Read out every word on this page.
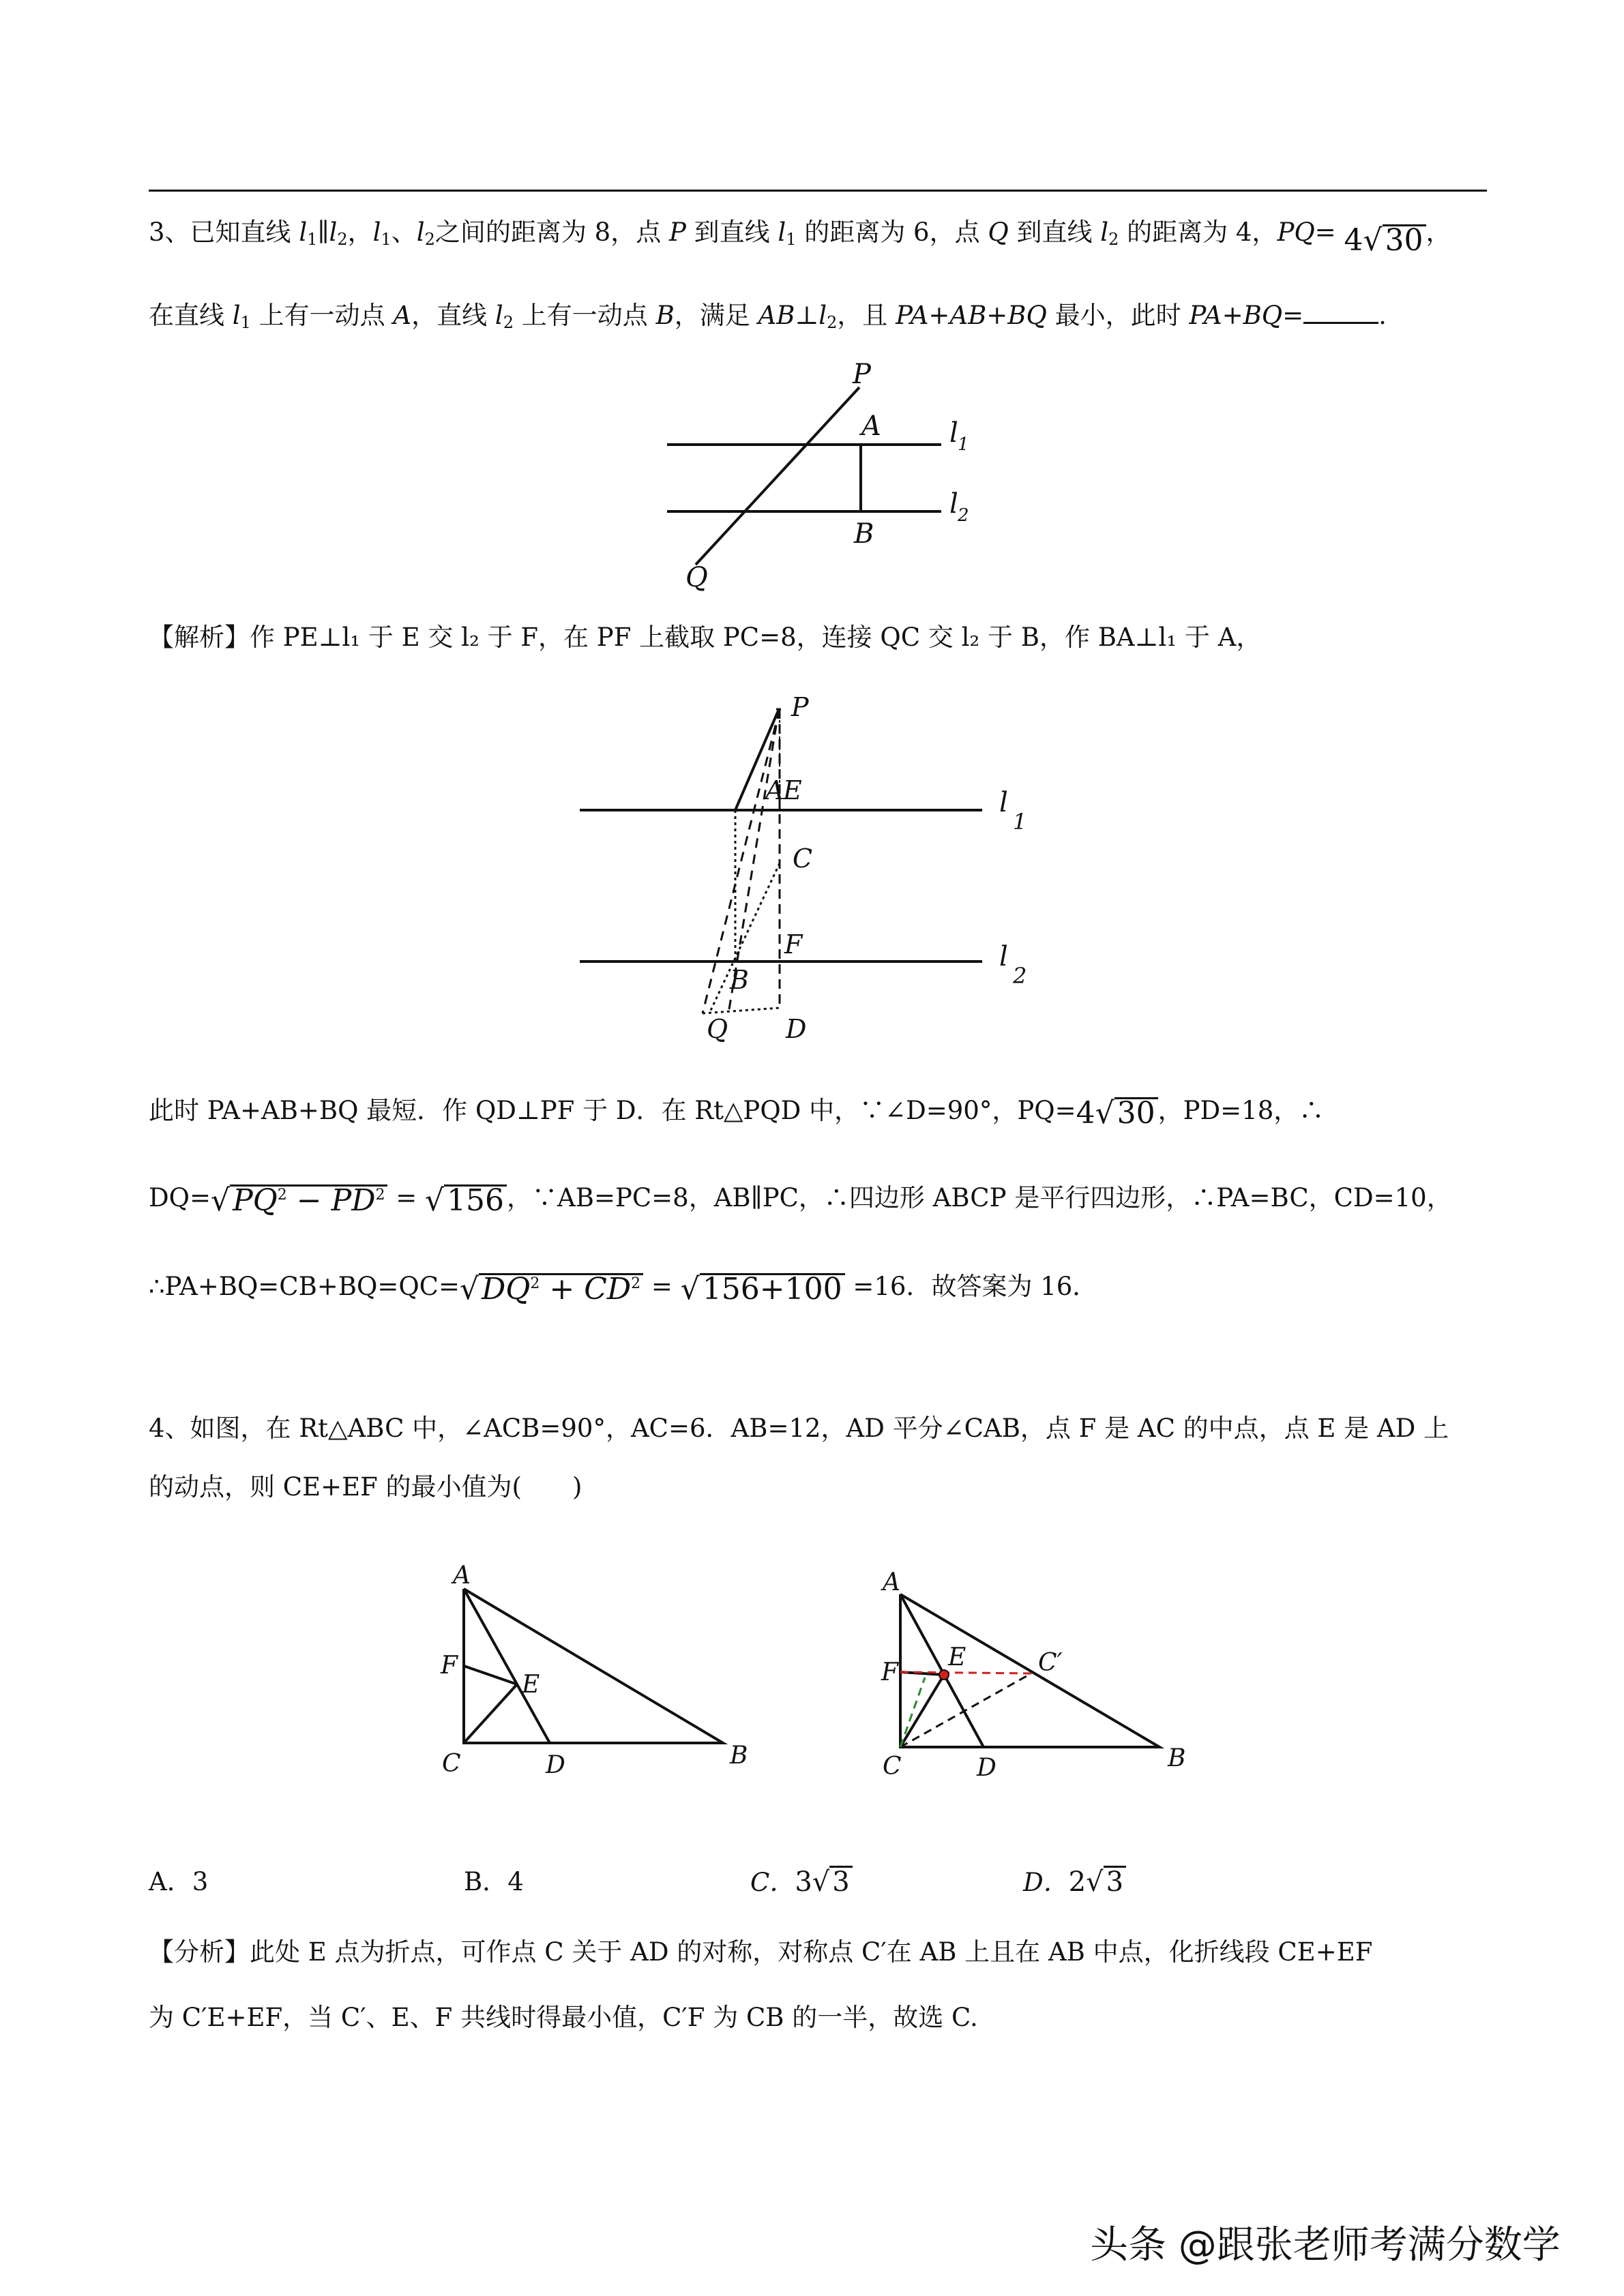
3、已知直线 $l_1\parallel l_2$，$l_1$、$l_2$之间的距离为 8，点 P 到直线 $l_1$ 的距离为 6，点 Q 到直线 $l_2$ 的距离为 4，PQ= 4√30 ，
在直线 $l_1$ 上有一动点 A，直线 $l_2$ 上有一动点 B，满足 $AB\perp l_2$，且 PA+AB+BQ 最小，此时 PA+BQ=	.
P
A
B
Q
l 1
l 2
【解析】作 PE⊥l₁ 于 E 交 l₂ 于 F，在 PF 上截取 PC=8，连接 QC 交 l₂ 于 B，作 BA⊥l₁ 于 A，
P
A
E
C
F
B
Q D
l
1
l
2
此时 PA+AB+BQ 最短．作 QD⊥PF 于 D．在 Rt△PQD 中，∵∠D=90°，PQ=4√30 ，PD=18，∴
$DQ=√PQ^2 - PD^2 = √156$ ，∵AB=PC=8，AB∥PC，∴四边形 ABCP 是平行四边形，∴PA=BC，CD=10，
$\therefore PA+BQ=CB+BQ=QC=√DQ^2 + CD^2 = √156+100 =16$．故答案为 16．
4、如图，在 Rt△ABC 中，∠ACB=90°，AC=6．AB=12，AD 平分∠CAB，点 F 是 AC 的中点，点 E 是 AD 上
的动点，则 CE+EF 的最小值为(　　)
A
F
E
C	D	B
A
F
E	C′
C	D	B
A．3	B．4	C．3√ 3	D．2√ 3
【分析】此处 E 点为折点，可作点 C 关于 AD 的对称，对称点 C′在 AB 上且在 AB 中点，化折线段 CE+EF
为 C′E+EF，当 C′、E、F 共线时得最小值，C′F 为 CB 的一半，故选 C.
头条 @跟张老师考满分数学
